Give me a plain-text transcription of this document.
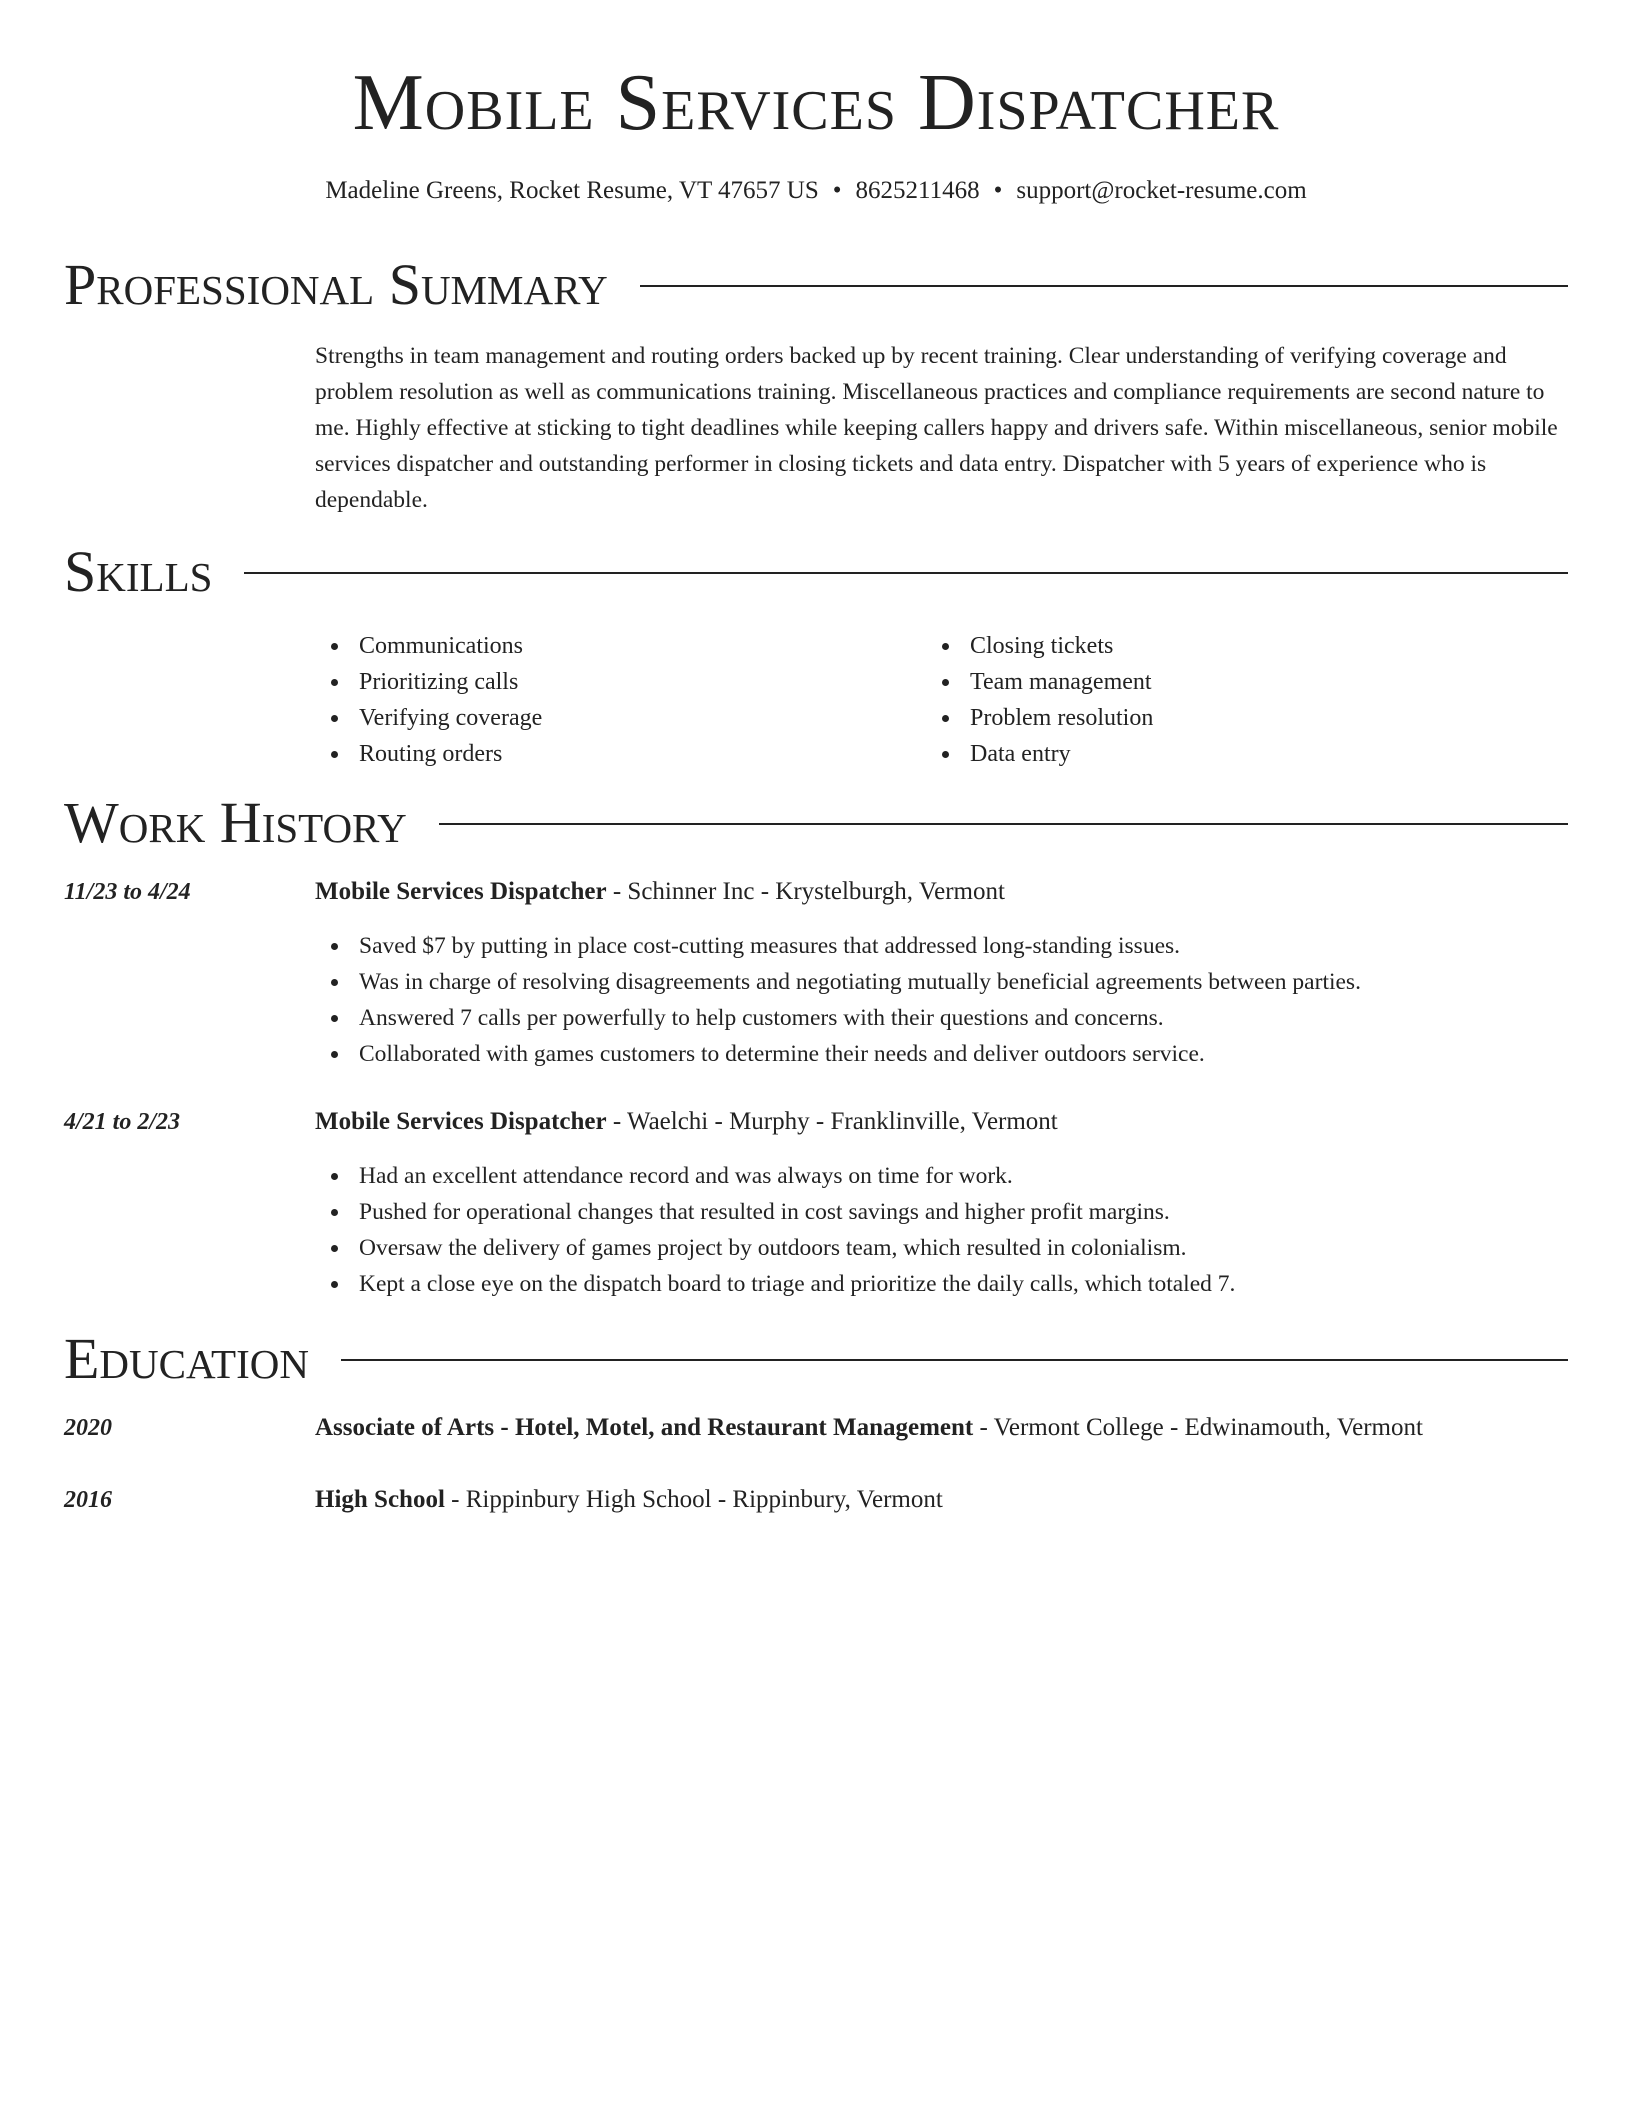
Mobile Services Dispatcher
Madeline Greens, Rocket Resume, VT 47657 US • 8625211468 • support@rocket-resume.com
Professional Summary

Strengths in team management and routing orders backed up by recent training. Clear understanding of verifying coverage and problem resolution as well as communications training. Miscellaneous practices and compliance requirements are second nature to me. Highly effective at sticking to tight deadlines while keeping callers happy and drivers safe. Within miscellaneous, senior mobile services dispatcher and outstanding performer in closing tickets and data entry. Dispatcher with 5 years of experience who is dependable.

Skills
Communications
Prioritizing calls
Verifying coverage
Routing orders
Closing tickets
Team management
Problem resolution
Data entry
Work History
11/23 to 4/24	Mobile Services Dispatcher - Schinner Inc - Krystelburgh, Vermont
Saved $7 by putting in place cost-cutting measures that addressed long-standing issues.
Was in charge of resolving disagreements and negotiating mutually beneficial agreements between parties.
Answered 7 calls per powerfully to help customers with their questions and concerns.
Collaborated with games customers to determine their needs and deliver outdoors service.
4/21 to 2/23	Mobile Services Dispatcher - Waelchi - Murphy - Franklinville, Vermont
Had an excellent attendance record and was always on time for work.
Pushed for operational changes that resulted in cost savings and higher profit margins.
Oversaw the delivery of games project by outdoors team, which resulted in colonialism.
Kept a close eye on the dispatch board to triage and prioritize the daily calls, which totaled 7.
Education
2020	Associate of Arts - Hotel, Motel, and Restaurant Management - Vermont College - Edwinamouth, Vermont
2016	High School - Rippinbury High School - Rippinbury, Vermont
